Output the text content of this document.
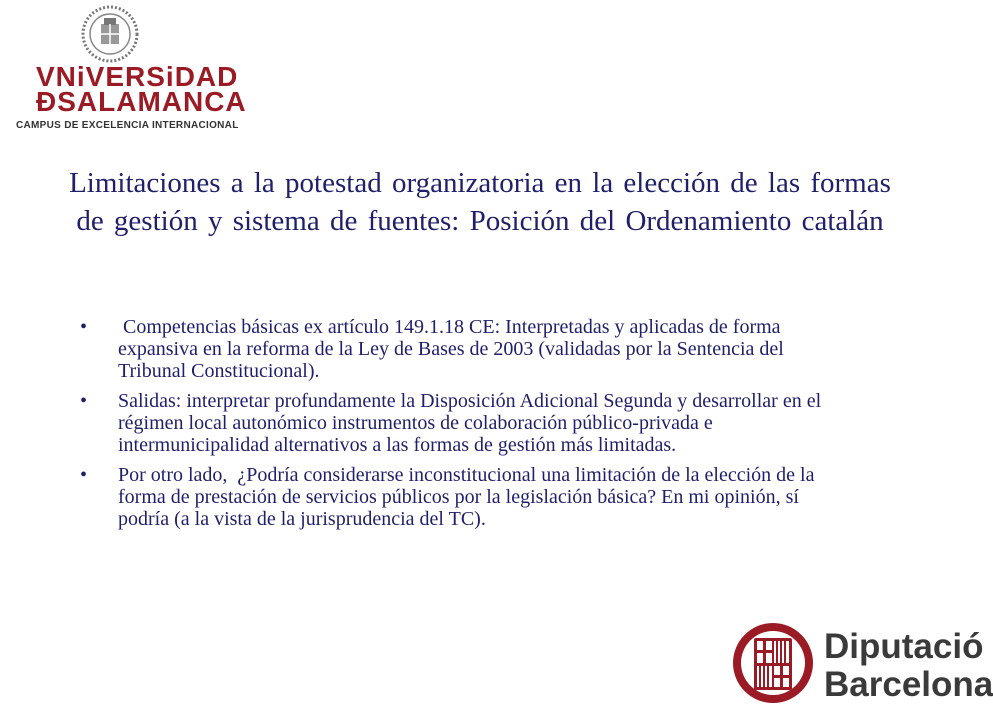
VNiVERSiDAD
ÐSALAMANCA
CAMPUS DE EXCELENCIA INTERNACIONAL
Limitaciones a la potestad organizatoria en la elección de las formas de gestión y sistema de fuentes: Posición del Ordenamiento catalán
• Competencias básicas ex artículo 149.1.18 CE: Interpretadas y aplicadas de forma expansiva en la reforma de la Ley de Bases de 2003 (validadas por la Sentencia del Tribunal Constitucional).
• Salidas: interpretar profundamente la Disposición Adicional Segunda y desarrollar en el régimen local autonómico instrumentos de colaboración público-privada e intermunicipalidad alternativos a las formas de gestión más limitadas.
• Por otro lado,  ¿Podría considerarse inconstitucional una limitación de la elección de la forma de prestación de servicios públicos por la legislación básica? En mi opinión, sí podría (a la vista de la jurisprudencia del TC).
Diputació
Barcelona
